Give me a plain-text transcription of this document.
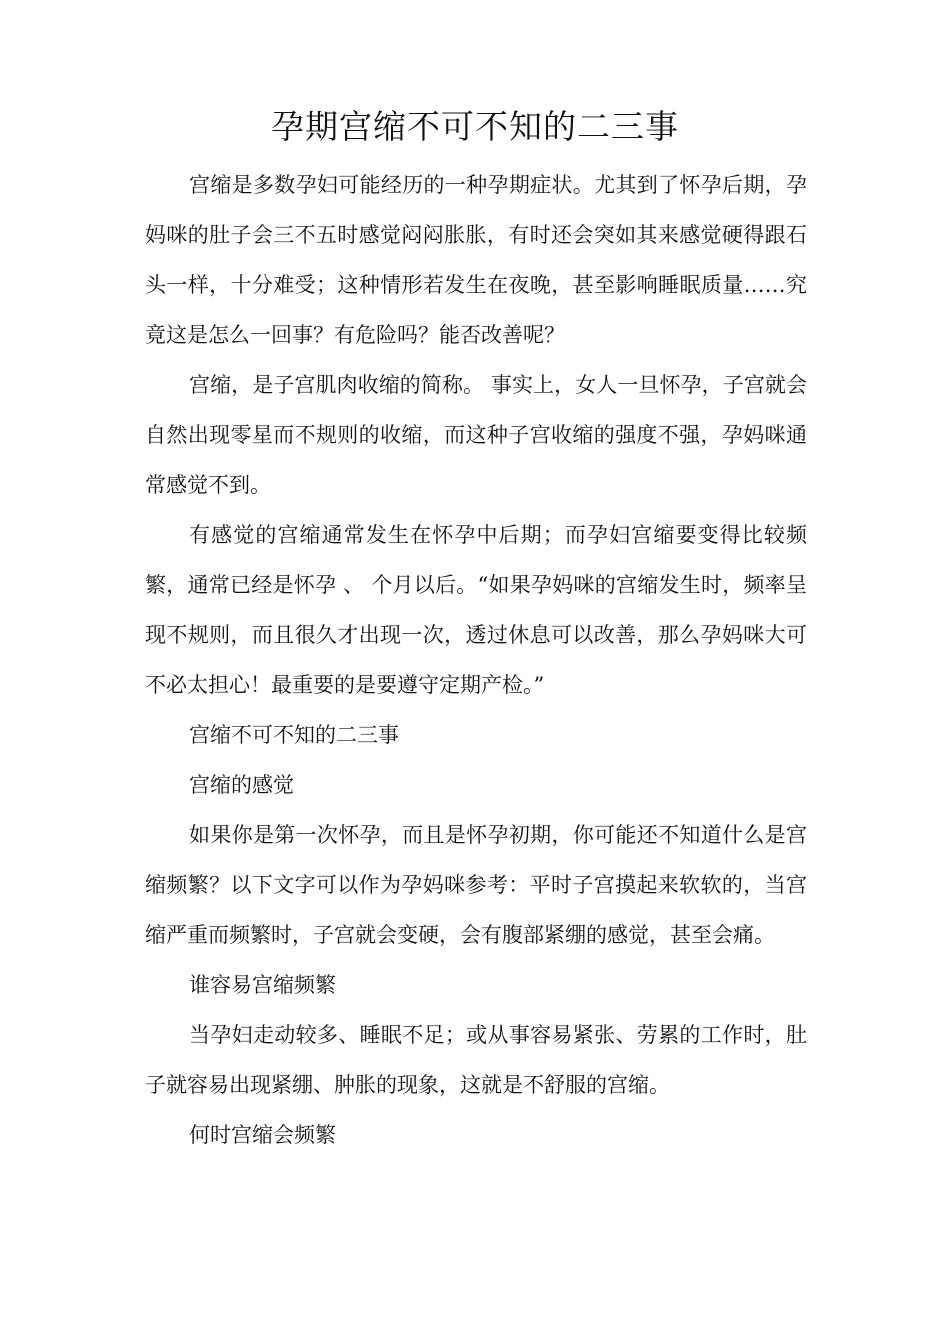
孕期宫缩不可不知的二三事

宫缩是多数孕妇可能经历的一种孕期症状。尤其到了怀孕后期，孕妈咪的肚子会三不五时感觉闷闷胀胀，有时还会突如其来感觉硬得跟石头一样，十分难受；这种情形若发生在夜晚，甚至影响睡眠质量……究竟这是怎么一回事？有危险吗？能否改善呢？

宫缩，是子宫肌肉收缩的简称。 事实上，女人一旦怀孕，子宫就会自然出现零星而不规则的收缩，而这种子宫收缩的强度不强，孕妈咪通常感觉不到。

有感觉的宫缩通常发生在怀孕中后期；而孕妇宫缩要变得比较频繁，通常已经是怀孕 、 个月以后。“如果孕妈咪的宫缩发生时，频率呈现不规则，而且很久才出现一次，透过休息可以改善，那么孕妈咪大可不必太担心！最重要的是要遵守定期产检。”

宫缩不可不知的二三事

宫缩的感觉

如果你是第一次怀孕，而且是怀孕初期，你可能还不知道什么是宫缩频繁？以下文字可以作为孕妈咪参考：平时子宫摸起来软软的，当宫缩严重而频繁时，子宫就会变硬，会有腹部紧绷的感觉，甚至会痛。

谁容易宫缩频繁

当孕妇走动较多、睡眠不足；或从事容易紧张、劳累的工作时，肚子就容易出现紧绷、肿胀的现象，这就是不舒服的宫缩。

何时宫缩会频繁
